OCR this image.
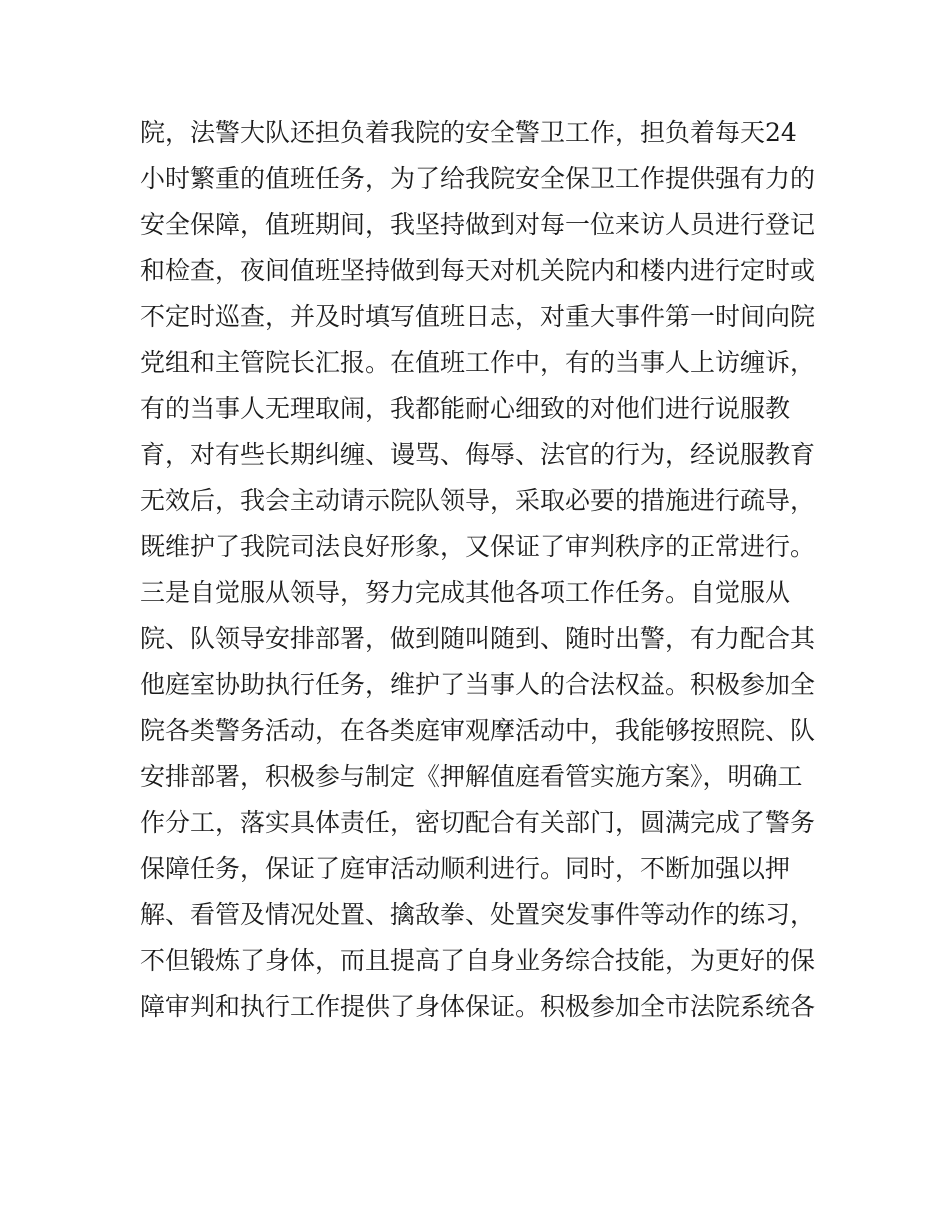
院，法警大队还担负着我院的安全警卫工作，担负着每天24
小时繁重的值班任务，为了给我院安全保卫工作提供强有力的
安全保障，值班期间，我坚持做到对每一位来访人员进行登记
和检查，夜间值班坚持做到每天对机关院内和楼内进行定时或
不定时巡查，并及时填写值班日志，对重大事件第一时间向院
党组和主管院长汇报。在值班工作中，有的当事人上访缠诉，
有的当事人无理取闹，我都能耐心细致的对他们进行说服教
育，对有些长期纠缠、谩骂、侮辱、法官的行为，经说服教育
无效后，我会主动请示院队领导，采取必要的措施进行疏导，
既维护了我院司法良好形象，又保证了审判秩序的正常进行。
三是自觉服从领导，努力完成其他各项工作任务。自觉服从
院、队领导安排部署，做到随叫随到、随时出警，有力配合其
他庭室协助执行任务，维护了当事人的合法权益。积极参加全
院各类警务活动，在各类庭审观摩活动中，我能够按照院、队
安排部署，积极参与制定《押解值庭看管实施方案》，明确工
作分工，落实具体责任，密切配合有关部门，圆满完成了警务
保障任务，保证了庭审活动顺利进行。同时，不断加强以押
解、看管及情况处置、擒敌拳、处置突发事件等动作的练习，
不但锻炼了身体，而且提高了自身业务综合技能，为更好的保
障审判和执行工作提供了身体保证。积极参加全市法院系统各
